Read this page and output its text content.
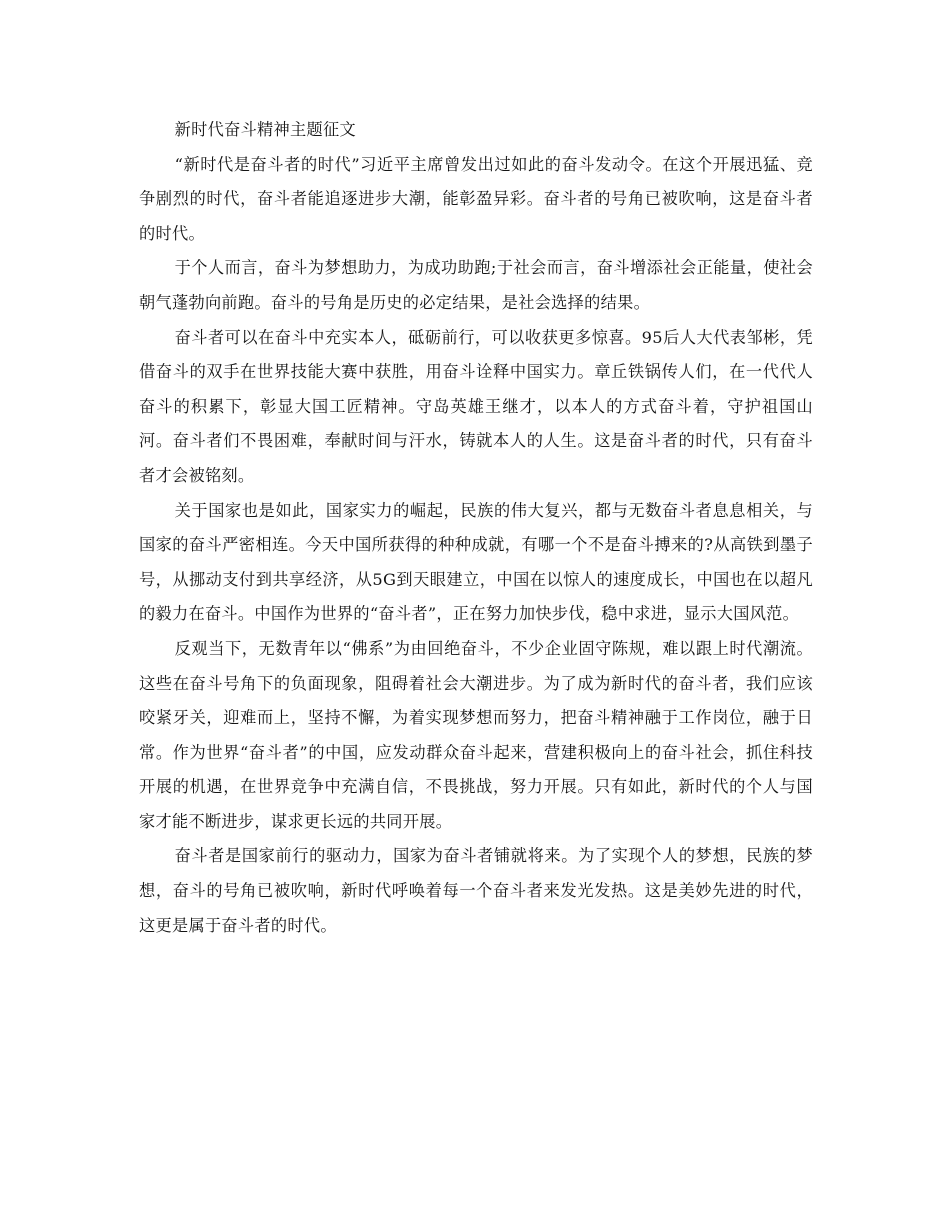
新时代奋斗精神主题征文

“新时代是奋斗者的时代”习近平主席曾发出过如此的奋斗发动令。在这个开展迅猛、竞争剧烈的时代，奋斗者能追逐进步大潮，能彰盈异彩。奋斗者的号角已被吹响，这是奋斗者的时代。

于个人而言，奋斗为梦想助力，为成功助跑;于社会而言，奋斗增添社会正能量，使社会朝气蓬勃向前跑。奋斗的号角是历史的必定结果，是社会选择的结果。

奋斗者可以在奋斗中充实本人，砥砺前行，可以收获更多惊喜。95后人大代表邹彬，凭借奋斗的双手在世界技能大赛中获胜，用奋斗诠释中国实力。章丘铁锅传人们，在一代代人奋斗的积累下，彰显大国工匠精神。守岛英雄王继才，以本人的方式奋斗着，守护祖国山河。奋斗者们不畏困难，奉献时间与汗水，铸就本人的人生。这是奋斗者的时代，只有奋斗者才会被铭刻。

关于国家也是如此，国家实力的崛起，民族的伟大复兴，都与无数奋斗者息息相关，与国家的奋斗严密相连。今天中国所获得的种种成就，有哪一个不是奋斗搏来的?从高铁到墨子号，从挪动支付到共享经济，从5G到天眼建立，中国在以惊人的速度成长，中国也在以超凡的毅力在奋斗。中国作为世界的“奋斗者”，正在努力加快步伐，稳中求进，显示大国风范。

反观当下，无数青年以“佛系”为由回绝奋斗，不少企业固守陈规，难以跟上时代潮流。这些在奋斗号角下的负面现象，阻碍着社会大潮进步。为了成为新时代的奋斗者，我们应该咬紧牙关，迎难而上，坚持不懈，为着实现梦想而努力，把奋斗精神融于工作岗位，融于日常。作为世界“奋斗者”的中国，应发动群众奋斗起来，营建积极向上的奋斗社会，抓住科技开展的机遇，在世界竞争中充满自信，不畏挑战，努力开展。只有如此，新时代的个人与国家才能不断进步，谋求更长远的共同开展。

奋斗者是国家前行的驱动力，国家为奋斗者铺就将来。为了实现个人的梦想，民族的梦想，奋斗的号角已被吹响，新时代呼唤着每一个奋斗者来发光发热。这是美妙先进的时代，这更是属于奋斗者的时代。
